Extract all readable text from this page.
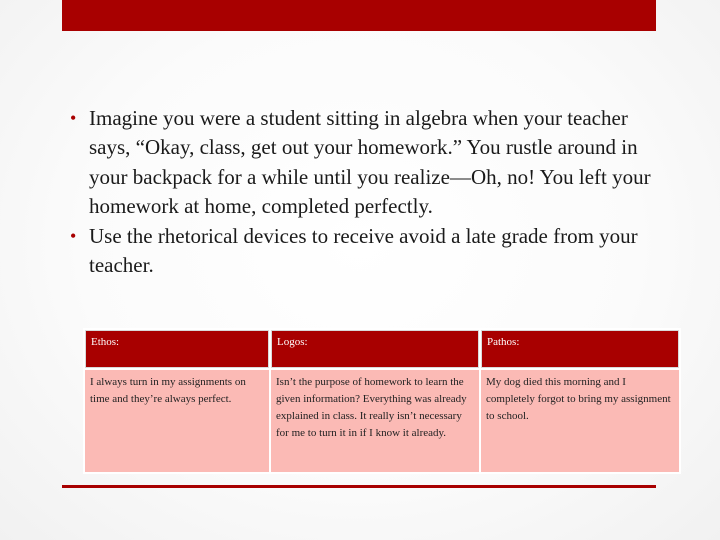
• Imagine you were a student sitting in algebra when your teacher says, “Okay, class, get out your homework.” You rustle around in your backpack for a while until you realize—Oh, no! You left your homework at home, completed perfectly.
• Use the rhetorical devices to receive avoid a late grade from your teacher.
Ethos:	Logos:	Pathos:
I always turn in my assignments on time and they’re always perfect.	Isn’t the purpose of homework to learn the given information? Everything was already explained in class. It really isn’t necessary for me to turn it in if I know it already.	My dog died this morning and I completely forgot to bring my assignment to school.
